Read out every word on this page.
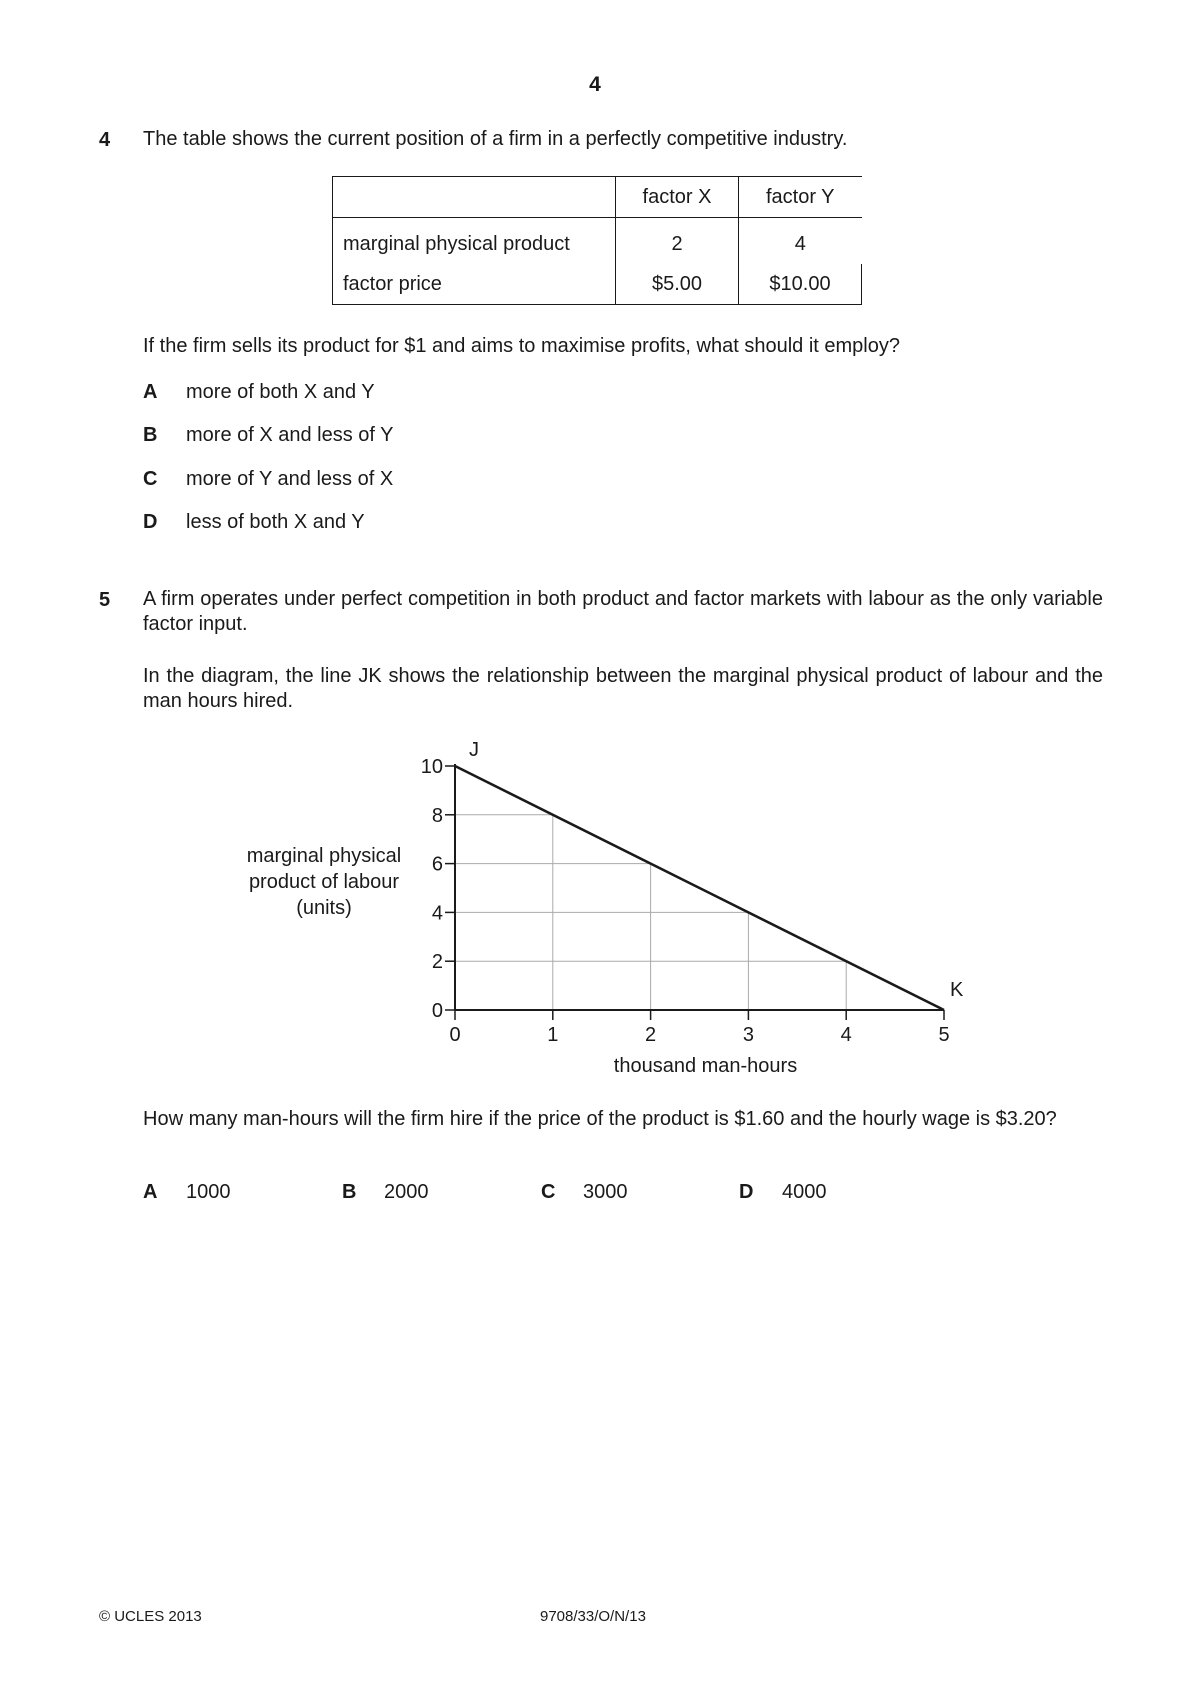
4
4 The table shows the current position of a firm in a perfectly competitive industry.
	factor X	factor Y
marginal physical product	2	4
factor price	$5.00	$10.00
If the firm sells its product for $1 and aims to maximise profits, what should it employ?
A more of both X and Y
B more of X and less of Y
C more of Y and less of X
D less of both X and Y
5 A firm operates under perfect competition in both product and factor markets with labour as the only variable factor input.
In the diagram, the line JK shows the relationship between the marginal physical product of labour and the man hours hired.
0
2
4
6
8
10
0	1	2	3	4	5
J
K
thousand man-hours
marginal physical
product of labour
(units)
How many man-hours will the firm hire if the price of the product is $1.60 and the hourly wage is $3.20?
A 1000	B 2000	C 3000	D 4000
© UCLES 2013	9708/33/O/N/13
